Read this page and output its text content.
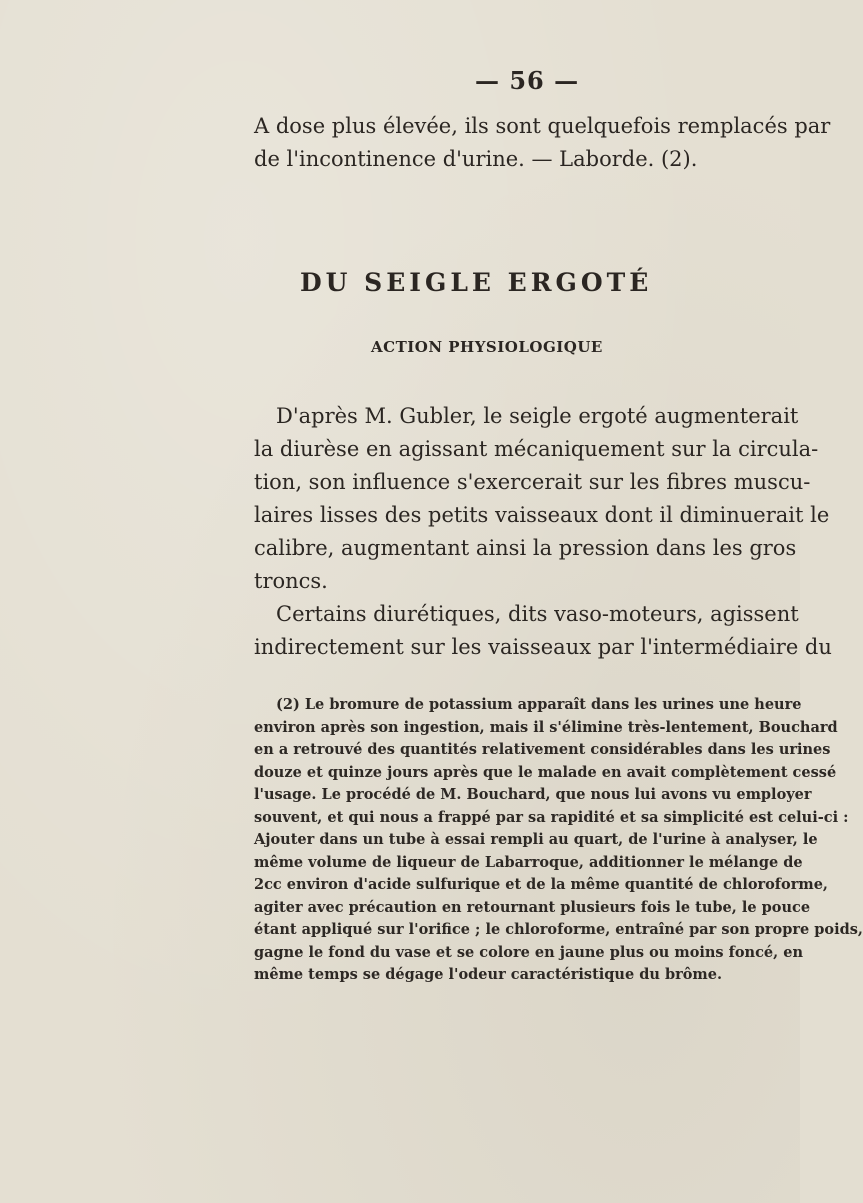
— 56 —
A dose plus élevée, ils sont quelquefois remplacés par
de l'incontinence d'urine. — Laborde. (2).
DU SEIGLE ERGOTÉ
ACTION PHYSIOLOGIQUE
D'après M. Gubler, le seigle ergoté augmenterait
la diurèse en agissant mécaniquement sur la circula-
tion, son influence s'exercerait sur les fibres muscu-
laires lisses des petits vaisseaux dont il diminuerait le
calibre, augmentant ainsi la pression dans les gros
troncs.
Certains diurétiques, dits vaso-moteurs, agissent
indirectement sur les vaisseaux par l'intermédiaire du
(2) Le bromure de potassium apparaît dans les urines une heure
environ après son ingestion, mais il s'élimine très-lentement, Bouchard
en a retrouvé des quantités relativement considérables dans les urines
douze et quinze jours après que le malade en avait complètement cessé
l'usage. Le procédé de M. Bouchard, que nous lui avons vu employer
souvent, et qui nous a frappé par sa rapidité et sa simplicité est celui-ci :
Ajouter dans un tube à essai rempli au quart, de l'urine à analyser, le
même volume de liqueur de Labarroque, additionner le mélange de
2cc environ d'acide sulfurique et de la même quantité de chloroforme,
agiter avec précaution en retournant plusieurs fois le tube, le pouce
étant appliqué sur l'orifice ; le chloroforme, entraîné par son propre poids,
gagne le fond du vase et se colore en jaune plus ou moins foncé, en
même temps se dégage l'odeur caractéristique du brôme.
